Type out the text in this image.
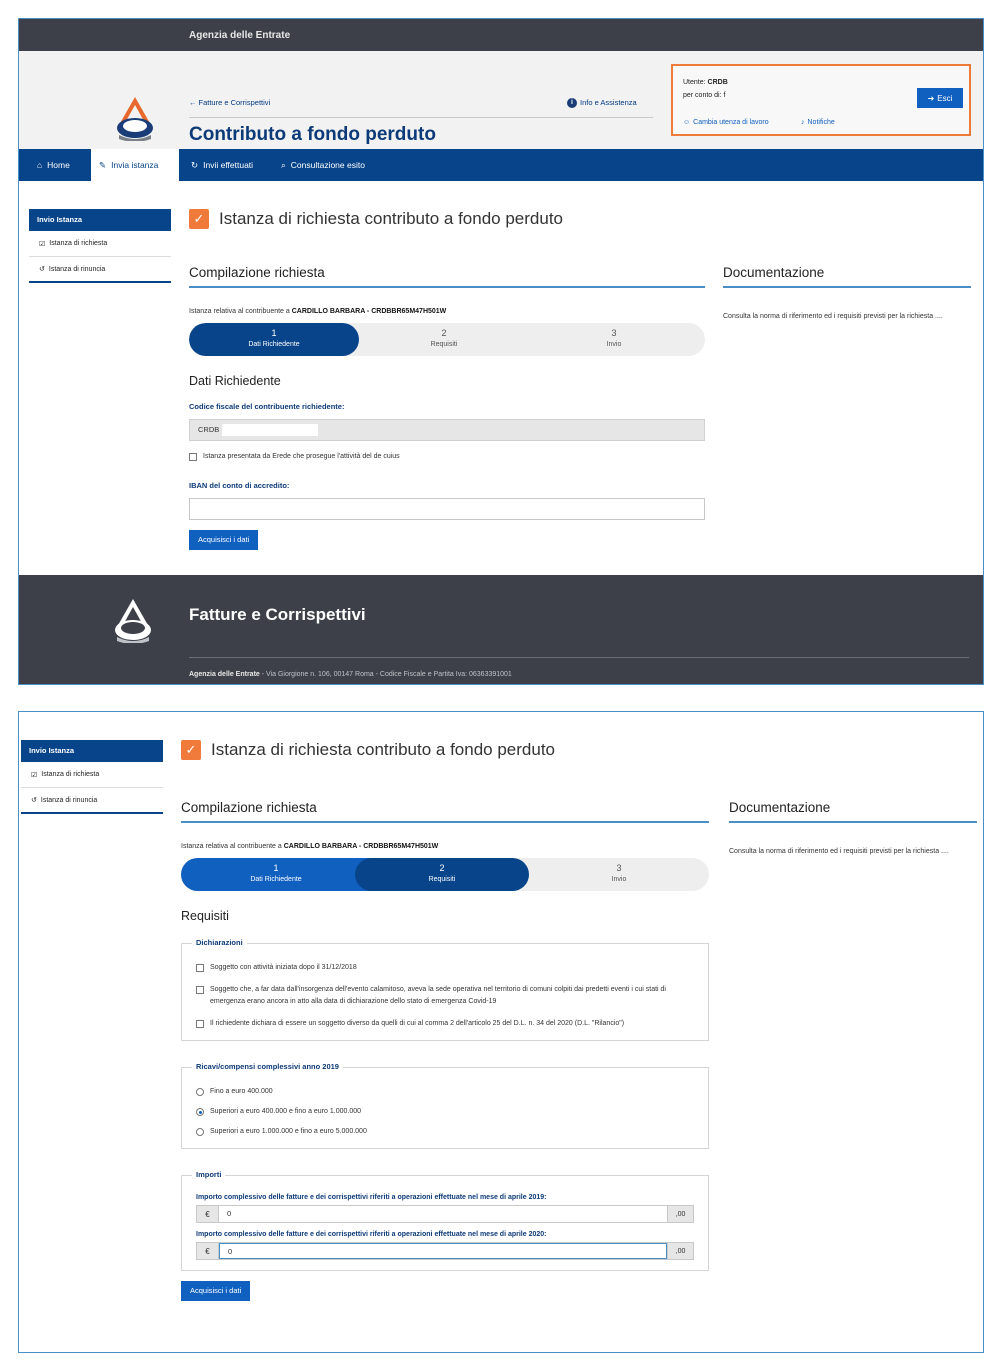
Agenzia delle Entrate
← Fatture e Corrispettivi	i Info e Assistenza
Contributo a fondo perduto
Utente: CRDB
per conto di: f	➜ Esci
☺ Cambia utenza di lavoro	♪ Notifiche
⌂ Home	✎ Invia istanza	↻ Invii effettuati	⌕ Consultazione esito
Invio Istanza
☑ Istanza di richiesta
↺ Istanza di rinuncia
✓ Istanza di richiesta contributo a fondo perduto
Compilazione richiesta
Istanza relativa al contribuente a CARDILLO BARBARA - CRDBBR65M47H501W
1
Dati Richiedente
2
Requisiti
3
Invio
Dati Richiedente
Codice fiscale del contribuente richiedente:
CRDB
Istanza presentata da Erede che prosegue l'attività del de cuius
IBAN del conto di accredito:
Acquisisci i dati
Documentazione
Consulta la norma di riferimento ed i requisiti previsti per la richiesta ....
Fatture e Corrispettivi
Agenzia delle Entrate - Via Giorgione n. 106, 00147 Roma - Codice Fiscale e Partita Iva: 06363391001
Invio Istanza
☑ Istanza di richiesta
↺ Istanza di rinuncia
✓ Istanza di richiesta contributo a fondo perduto
Compilazione richiesta
Istanza relativa al contribuente a CARDILLO BARBARA - CRDBBR65M47H501W
1
Dati Richiedente
2
Requisiti
3
Invio
Requisiti
Dichiarazioni
Soggetto con attività iniziata dopo il 31/12/2018
Soggetto che, a far data dall'insorgenza dell'evento calamitoso, aveva la sede operativa nel territorio di comuni colpiti dai predetti eventi i cui stati di emergenza erano ancora in atto alla data di dichiarazione dello stato di emergenza Covid-19
Il richiedente dichiara di essere un soggetto diverso da quelli di cui al comma 2 dell'articolo 25 del D.L. n. 34 del 2020 (D.L. "Rilancio")
Ricavi/compensi complessivi anno 2019
Fino a euro 400.000
Superiori a euro 400.000 e fino a euro 1.000.000
Superiori a euro 1.000.000 e fino a euro 5.000.000
Importi
Importo complessivo delle fatture e dei corrispettivi riferiti a operazioni effettuate nel mese di aprile 2019:
€	0	,00
Importo complessivo delle fatture e dei corrispettivi riferiti a operazioni effettuate nel mese di aprile 2020:
€	0	,00
Acquisisci i dati
Documentazione
Consulta la norma di riferimento ed i requisiti previsti per la richiesta ....
